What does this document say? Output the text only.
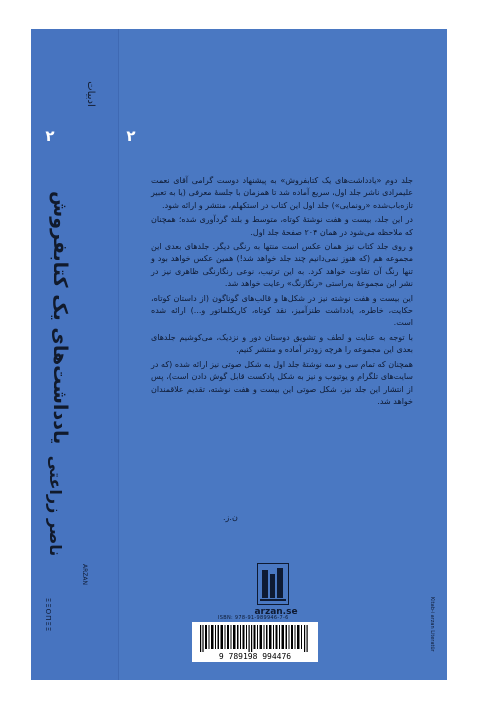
ادبیات
۲
یادداشت‌های یک کتابفروش
ناصر زراعتی
ARZAN
ΞΞΟΠΞΞ
۲

جلد دوم «یادداشت‌های یک کتابفروش» به پیشنهاد دوست گرامی آقای نعمت علیمرادی ناشر جلد اول، سریع آماده شد تا همزمان با جلسهٔ معرفی (یا به تعبیر تازه‌باب‌شده «رونمایی») جلد اول این کتاب در استکهلم، منتشر و ارائه شود.

در این جلد، بیست و هفت نوشتهٔ کوتاه، متوسط و بلند گردآوری شده؛ همچنان که ملاحظه می‌شود در همان ۲۰۴ صفحهٔ جلد اول.

و روی جلد کتاب نیز همان عکس است منتها به رنگی دیگر. جلدهای بعدی این مجموعه هم (که هنوز نمی‌دانیم چند جلد خواهد شد!) همین عکس خواهد بود و تنها رنگ آن تفاوت خواهد کرد. به این ترتیب، نوعی رنگارنگی ظاهری نیز در نشر این مجموعهٔ به‌راستی «رنگارنگ» رعایت خواهد شد.

این بیست و هفت نوشته نیز در شکل‌ها و قالب‌های گوناگون (از داستان کوتاه، حکایت، خاطره، یادداشت طنزآمیز، نقد کوتاه، کاریکلماتور و...) ارائه شده است.

با توجه به عنایت و لطف و تشویق دوستان دور و نزدیک، می‌کوشیم جلدهای بعدی این مجموعه را هرچه زودتر آماده و منتشر کنیم.

همچنان که تمام سی و سه نوشتهٔ جلد اول به شکل صوتی نیز ارائه شده (که در سایت‌های تلگرام و یوتیوب و نیز به شکل پادکست قابل گوش دادن است)، پس از انتشار این جلد نیز، شکل صوتی این بیست و هفت نوشته، تقدیم علاقمندان خواهد شد.

ن.ز.
arzan.se
ISBN: 978-91-989946-7-6
9 789198 994476
Kitab-i arzan Literatür
